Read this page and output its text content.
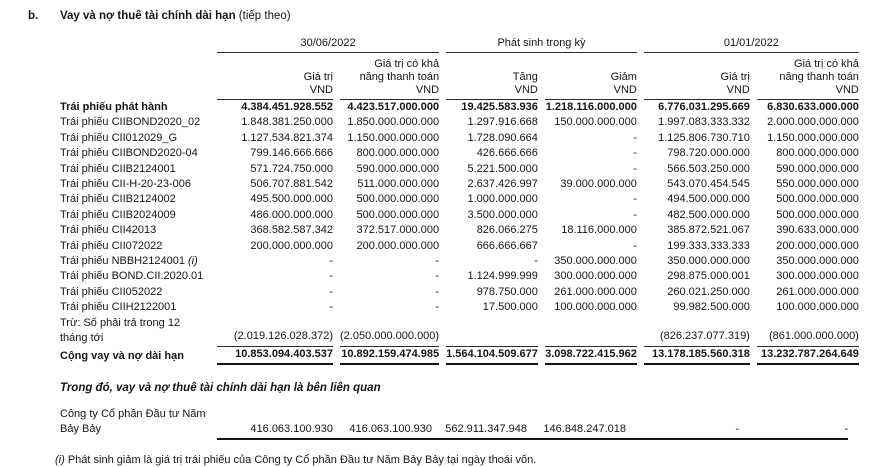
b.	Vay và nợ thuê tài chính dài hạn (tiếp theo)
	30/06/2022		Phát sinh trong kỳ		01/01/2022	

Giá trị
VND

Giá trị có khả
năng thanh toán
VND

Tăng
VND

Giảm
VND

Giá trị
VND

Giá trị có khả
năng thanh toán
VND

Trái phiếu phát hành	4.384.451.928.552	4.423.517.000.000	19.425.583.936	1.218.116.000.000	6.776.031.295.669	6.830.633.000.000
Trái phiếu CIIBOND2020_02	1.848.381.250.000	1.850.000.000.000	1.297.916.668	150.000.000.000	1.997.083.333.332	2.000.000.000.000
Trái phiếu CII012029_G	1.127.534.821.374	1.150.000.000.000	1.728.090.664	-	1.125.806.730.710	1.150.000.000.000
Trái phiếu CIIBOND2020-04	799.146.666.666	800.000.000.000	426.666.666	-	798.720.000.000	800.000.000.000
Trái phiếu CIIB2124001	571.724.750.000	590.000.000.000	5.221.500.000	-	566.503.250.000	590.000.000.000
Trái phiếu CII-H-20-23-006	506.707.881.542	511.000.000.000	2.637.426.997	39.000.000.000	543.070.454.545	550.000.000.000
Trái phiếu CIIB2124002	495.500.000.000	500.000.000.000	1.000.000.000	-	494.500.000.000	500.000.000.000
Trái phiếu CIIB2024009	486.000.000.000	500.000.000.000	3.500.000.000	-	482.500.000.000	500.000.000.000
Trái phiếu CII42013	368.582.587.342	372.517.000.000	826.066.275	18.116.000.000	385.872.521.067	390.633.000.000
Trái phiếu CII072022	200.000.000.000	200.000.000.000	666.666.667	-	199.333.333.333	200.000.000.000
Trái phiếu NBBH2124001 (i)	-	-	-	350.000.000.000	350.000.000.000	350.000.000.000
Trái phiếu BOND.CII.2020.01	-	-	1.124.999.999	300.000.000.000	298.875.000.001	300.000.000.000
Trái phiếu CII052022	-	-	978.750.000	261.000.000.000	260.021.250.000	261.000.000.000
Trái phiếu CIIH2122001	-	-	17.500.000	100.000.000.000	99.982.500.000	100.000.000.000
Trừ: Số phải trả trong 12 tháng tới	(2.019.126.028.372)	(2.050.000.000.000)			(826.237.077.319)	(861.000.000.000)
Cộng vay và nợ dài hạn	10.853.094.403.537	10.892.159.474.985	1.564.104.509.677	3.098.722.415.962	13.178.185.560.318	13.232.787.264.649
Trong đó, vay và nợ thuê tài chính dài hạn là bên liên quan
Công ty Cổ phần Đầu tư Năm Bảy Bảy	416.063.100.930	416.063.100.930	562.911.347.948	146.848.247.018	-	-

(i) Phát sinh giảm là giá trị trái phiếu của Công ty Cổ phần Đầu tư Năm Bảy Bảy tại ngày thoái vốn.
